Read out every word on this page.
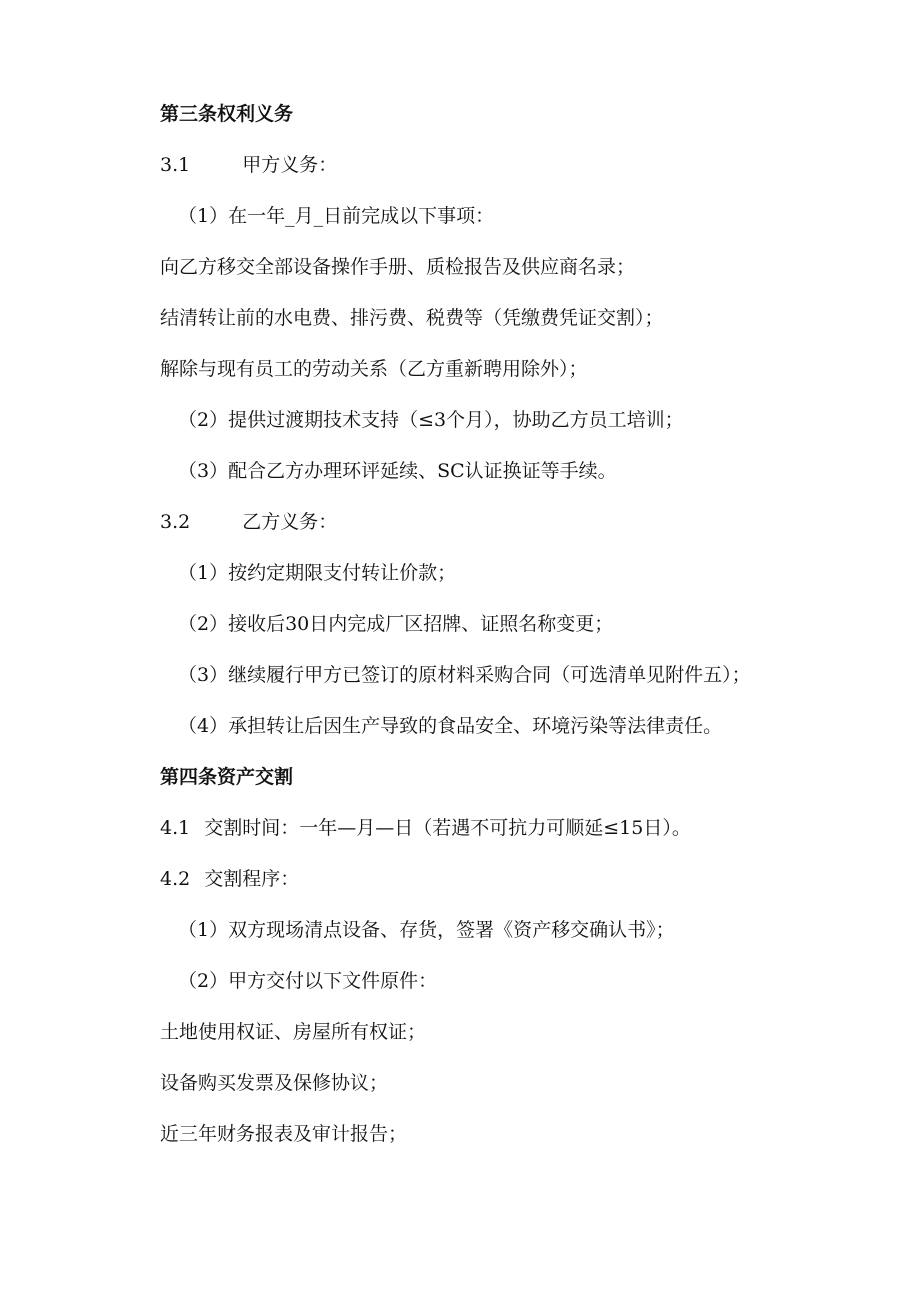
第三条权利义务
3.1	甲方义务：
（1）在一年_月_日前完成以下事项：
向乙方移交全部设备操作手册、质检报告及供应商名录；
结清转让前的水电费、排污费、税费等（凭缴费凭证交割）；
解除与现有员工的劳动关系（乙方重新聘用除外）；
（2）提供过渡期技术支持（≤3个月），协助乙方员工培训；
（3）配合乙方办理环评延续、SC认证换证等手续。
3.2	乙方义务：
（1）按约定期限支付转让价款；
（2）接收后30日内完成厂区招牌、证照名称变更；
（3）继续履行甲方已签订的原材料采购合同（可选清单见附件五）；
（4）承担转让后因生产导致的食品安全、环境污染等法律责任。
第四条资产交割
4.1 交割时间：一年—月—日（若遇不可抗力可顺延≤15日）。
4.2 交割程序：
（1）双方现场清点设备、存货，签署《资产移交确认书》；
（2）甲方交付以下文件原件：
土地使用权证、房屋所有权证；
设备购买发票及保修协议；
近三年财务报表及审计报告；
